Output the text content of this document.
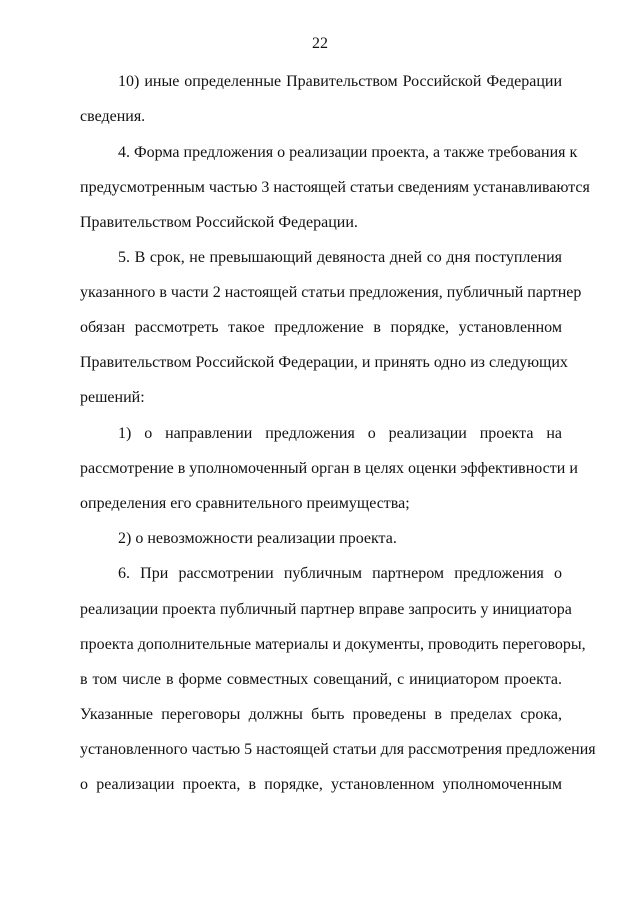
22
10) иные определенные Правительством Российской Федерации
сведения.
4. Форма предложения о реализации проекта, а также требования к
предусмотренным частью 3 настоящей статьи сведениям устанавливаются
Правительством Российской Федерации.
5. В срок, не превышающий девяноста дней со дня поступления
указанного в части 2 настоящей статьи предложения, публичный партнер
обязан рассмотреть такое предложение в порядке, установленном
Правительством Российской Федерации, и принять одно из следующих
решений:
1) о направлении предложения о реализации проекта на
рассмотрение в уполномоченный орган в целях оценки эффективности и
определения его сравнительного преимущества;
2) о невозможности реализации проекта.
6. При рассмотрении публичным партнером предложения о
реализации проекта публичный партнер вправе запросить у инициатора
проекта дополнительные материалы и документы, проводить переговоры,
в том числе в форме совместных совещаний, с инициатором проекта.
Указанные переговоры должны быть проведены в пределах срока,
установленного частью 5 настоящей статьи для рассмотрения предложения
о реализации проекта, в порядке, установленном уполномоченным
